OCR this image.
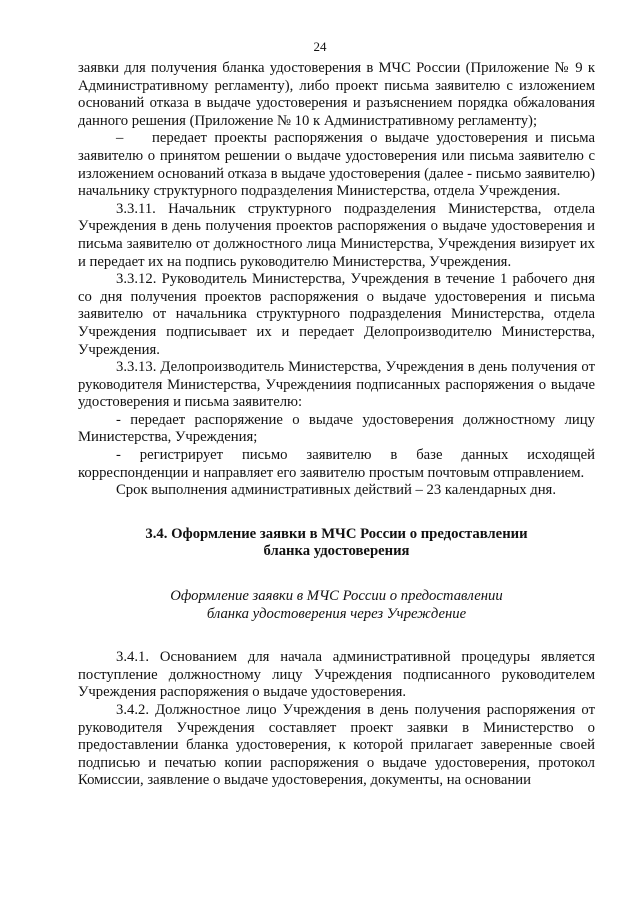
24

заявки для получения бланка удостоверения в МЧС России (Приложение № 9 к Административному регламенту), либо проект письма заявителю с изложением оснований отказа в выдаче удостоверения и разъяснением порядка обжалования данного решения (Приложение № 10 к Административному регламенту);

– передает проекты распоряжения о выдаче удостоверения и письма заявителю о принятом решении о выдаче удостоверения или письма заявителю с изложением оснований отказа в выдаче удостоверения (далее - письмо заявителю) начальнику структурного подразделения Министерства, отдела Учреждения.

3.3.11. Начальник структурного подразделения Министерства, отдела Учреждения в день получения проектов распоряжения о выдаче удостоверения и письма заявителю от должностного лица Министерства, Учреждения визирует их и передает их на подпись руководителю Министерства, Учреждения.

3.3.12. Руководитель Министерства, Учреждения в течение 1 рабочего дня со дня получения проектов распоряжения о выдаче удостоверения и письма заявителю от начальника структурного подразделения Министерства, отдела Учреждения подписывает их и передает Делопроизводителю Министерства, Учреждения.

3.3.13. Делопроизводитель Министерства, Учреждения в день получения от руководителя Министерства, Учреждениия подписанных распоряжения о выдаче удостоверения и письма заявителю:

- передает распоряжение о выдаче удостоверения должностному лицу Министерства, Учреждения;

- регистрирует письмо заявителю в базе данных исходящей корреспонденции и направляет его заявителю простым почтовым отправлением.

Срок выполнения административных действий – 23 календарных дня.

3.4. Оформление заявки в МЧС России о предоставлении
бланка удостоверения

Оформление заявки в МЧС России о предоставлении
бланка удостоверения через Учреждение

3.4.1. Основанием для начала административной процедуры является поступление должностному лицу Учреждения подписанного руководителем Учреждения распоряжения о выдаче удостоверения.

3.4.2. Должностное лицо Учреждения в день получения распоряжения от руководителя Учреждения составляет проект заявки в Министерство о предоставлении бланка удостоверения, к которой прилагает заверенные своей подписью и печатью копии распоряжения о выдаче удостоверения, протокол Комиссии, заявление о выдаче удостоверения, документы, на основании
